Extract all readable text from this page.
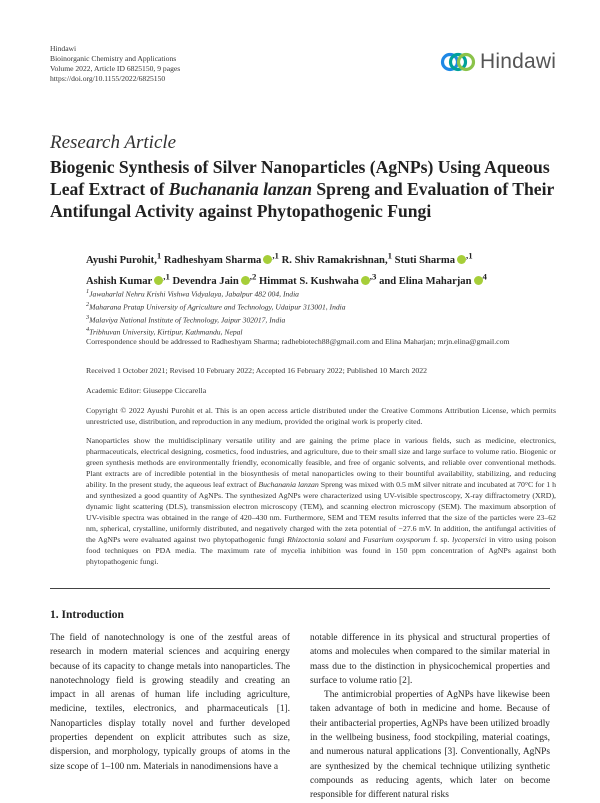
Hindawi
Bioinorganic Chemistry and Applications
Volume 2022, Article ID 6825150, 9 pages
https://doi.org/10.1155/2022/6825150
Hindawi
Research Article
Biogenic Synthesis of Silver Nanoparticles (AgNPs) Using Aqueous Leaf Extract of Buchanania lanzan Spreng and Evaluation of Their Antifungal Activity against Phytopathogenic Fungi
Ayushi Purohit,$^1$ Radheshyam Sharma $^{,1}$ R. Shiv Ramakrishnan,$^1$ Stuti Sharma $^{,1}$
Ashish Kumar $^{,1}$ Devendra Jain $^{,2}$ Himmat S. Kushwaha $^{,3}$ and Elina Maharjan $^4$
$^1$Jawaharlal Nehru Krishi Vishwa Vidyalaya, Jabalpur 482 004, India
$^2$Maharana Pratap University of Agriculture and Technology, Udaipur 313001, India
$^3$Malaviya National Institute of Technology, Jaipur 302017, India
$^4$Tribhuvan University, Kirtipur, Kathmandu, Nepal
Correspondence should be addressed to Radheshyam Sharma; radhebiotech88@gmail.com and Elina Maharjan; mrjn.elina@gmail.com
Received 1 October 2021; Revised 10 February 2022; Accepted 16 February 2022; Published 10 March 2022
Academic Editor: Giuseppe Ciccarella
Copyright © 2022 Ayushi Purohit et al. This is an open access article distributed under the Creative Commons Attribution License, which permits unrestricted use, distribution, and reproduction in any medium, provided the original work is properly cited.
Nanoparticles show the multidisciplinary versatile utility and are gaining the prime place in various fields, such as medicine, electronics, pharmaceuticals, electrical designing, cosmetics, food industries, and agriculture, due to their small size and large surface to volume ratio. Biogenic or green synthesis methods are environmentally friendly, economically feasible, and free of organic solvents, and reliable over conventional methods. Plant extracts are of incredible potential in the biosynthesis of metal nanoparticles owing to their bountiful availability, stabilizing, and reducing ability. In the present study, the aqueous leaf extract of Buchanania lanzan Spreng was mixed with 0.5 mM silver nitrate and incubated at 70°C for 1 h and synthesized a good quantity of AgNPs. The synthesized AgNPs were characterized using UV-visible spectroscopy, X-ray diffractometry (XRD), dynamic light scattering (DLS), transmission electron microscopy (TEM), and scanning electron microscopy (SEM). The maximum absorption of UV-visible spectra was obtained in the range of 420–430 nm. Furthermore, SEM and TEM results inferred that the size of the particles were 23–62 nm, spherical, crystalline, uniformly distributed, and negatively charged with the zeta potential of −27.6 mV. In addition, the antifungal activities of the AgNPs were evaluated against two phytopathogenic fungi Rhizoctonia solani and Fusarium oxysporum f. sp. lycopersici in vitro using poison food techniques on PDA media. The maximum rate of mycelia inhibition was found in 150 ppm concentration of AgNPs against both phytopathogenic fungi.
1. Introduction

The field of nanotechnology is one of the zestful areas of research in modern material sciences and acquiring energy because of its capacity to change metals into nanoparticles. The nanotechnology field is growing steadily and creating an impact in all arenas of human life including agriculture, medicine, textiles, electronics, and pharmaceuticals [1]. Nanoparticles display totally novel and further developed properties dependent on explicit attributes such as size, dispersion, and morphology, typically groups of atoms in the size scope of 1–100 nm. Materials in nanodimensions have a

notable difference in its physical and structural properties of atoms and molecules when compared to the similar material in mass due to the distinction in physicochemical properties and surface to volume ratio [2].

The antimicrobial properties of AgNPs have likewise been taken advantage of both in medicine and home. Because of their antibacterial properties, AgNPs have been utilized broadly in the wellbeing business, food stockpiling, material coatings, and numerous natural applications [3]. Conventionally, AgNPs are synthesized by the chemical technique utilizing synthetic compounds as reducing agents, which later on become responsible for different natural risks
